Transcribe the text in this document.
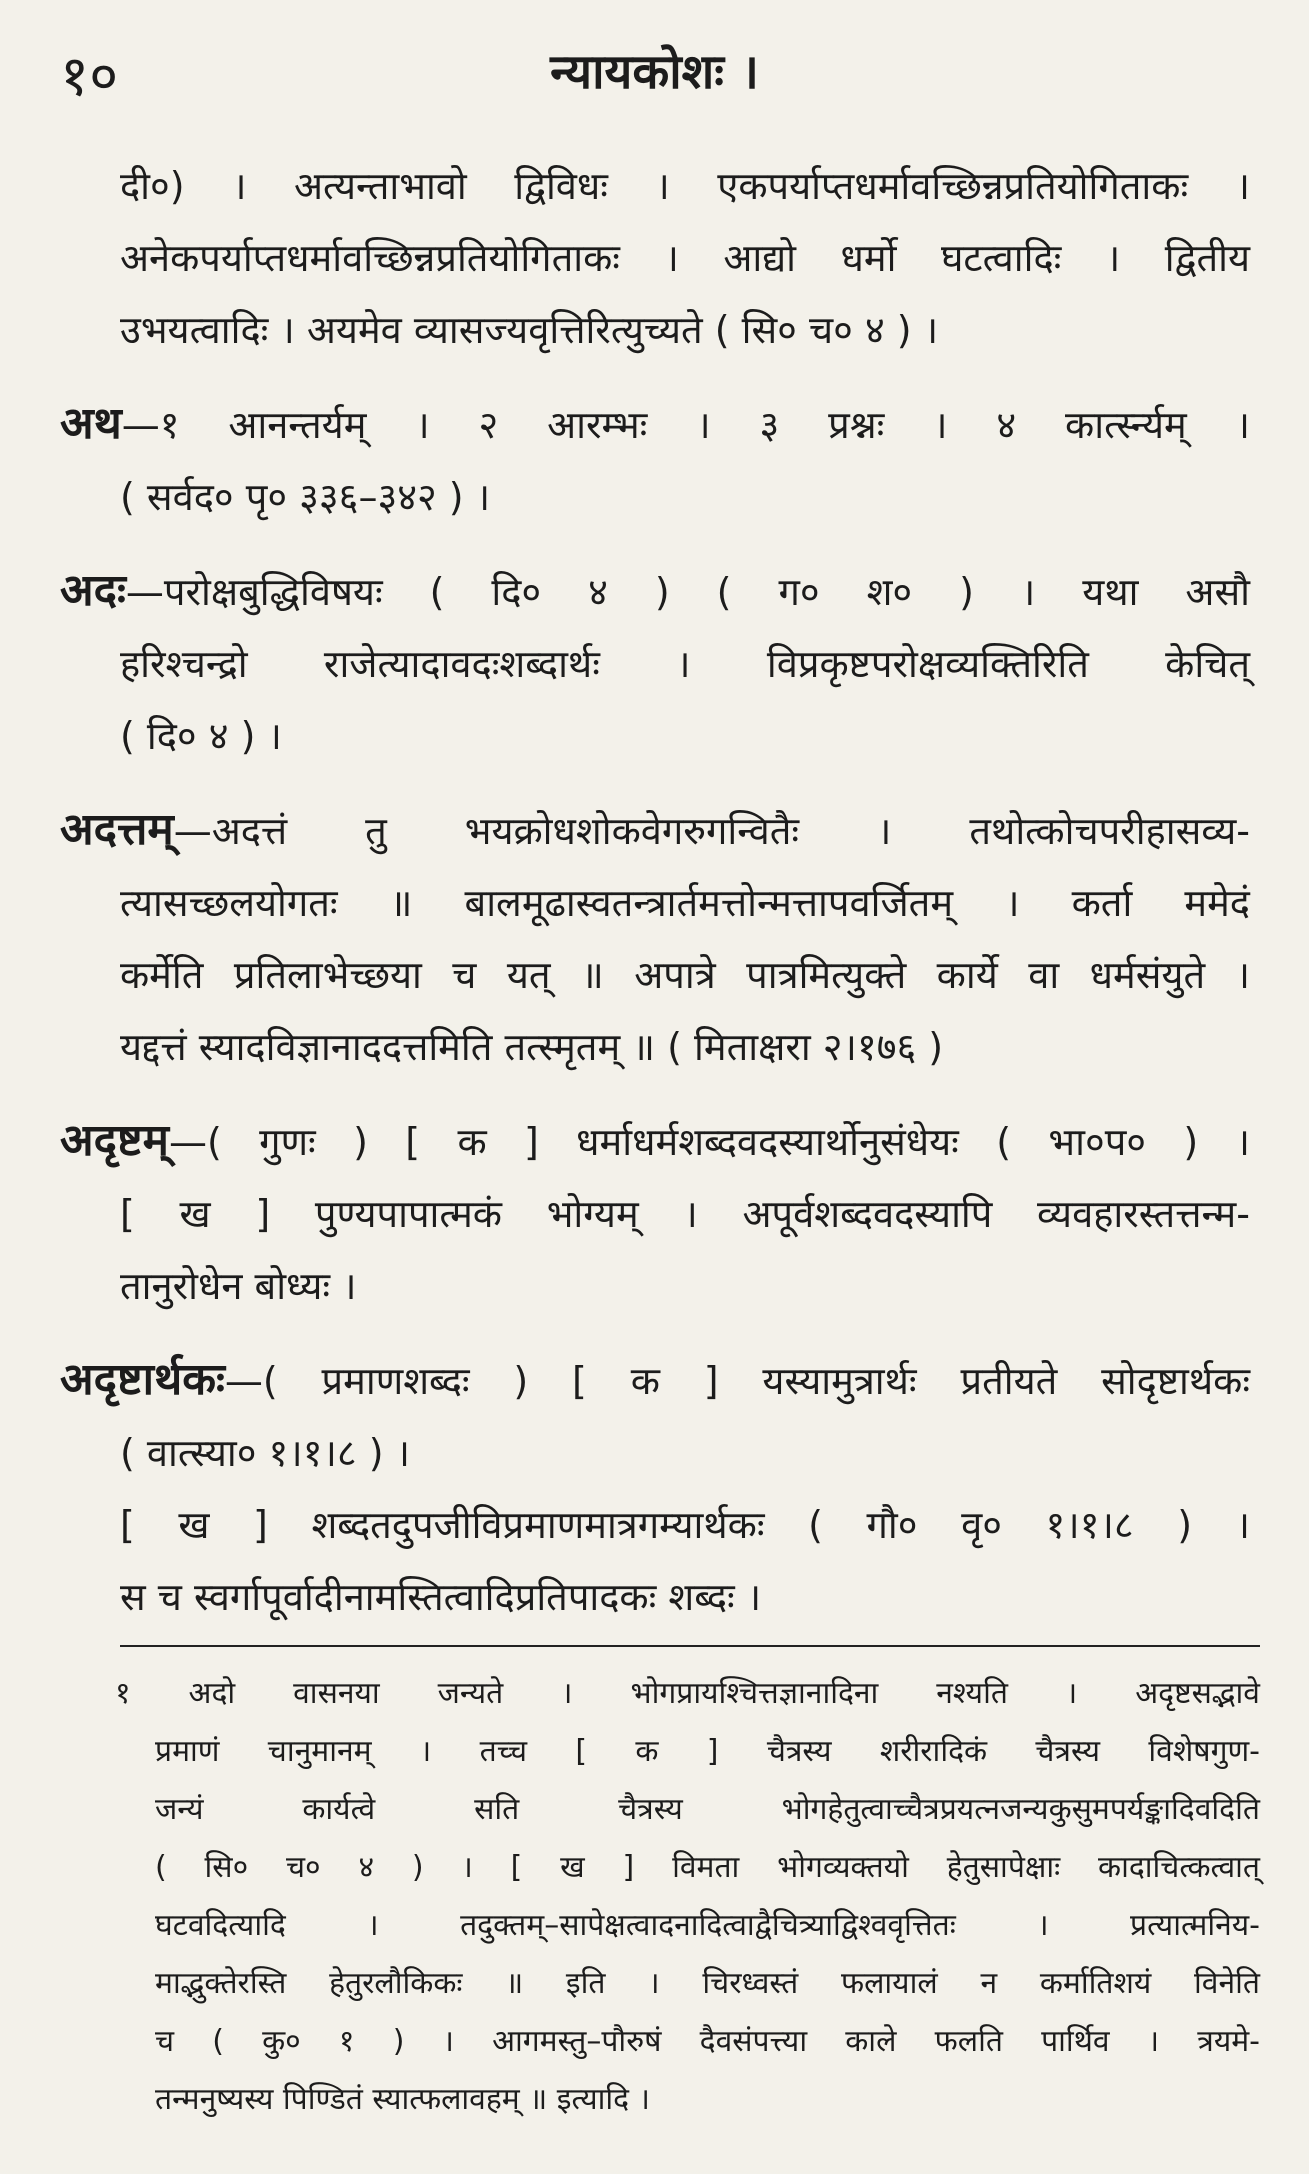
१०	न्यायकोशः ।
दी०) । अत्यन्ताभावो द्विविधः । एकपर्याप्तधर्मावच्छिन्नप्रतियोगिताकः ।
अनेकपर्याप्तधर्मावच्छिन्नप्रतियोगिताकः । आद्यो धर्मो घटत्वादिः । द्वितीय
उभयत्वादिः । अयमेव व्यासज्यवृत्तिरित्युच्यते ( सि० च० ४ ) ।
अथ—१ आनन्तर्यम् । २ आरम्भः । ३ प्रश्नः । ४ कार्त्स्न्यम् ।
( सर्वद० पृ० ३३६–३४२ ) ।
अदः—परोक्षबुद्धिविषयः ( दि० ४ ) ( ग० श० ) । यथा असौ
हरिश्चन्द्रो राजेत्यादावदःशब्दार्थः । विप्रकृष्टपरोक्षव्यक्तिरिति केचित्
( दि० ४ ) ।
अदत्तम्—अदत्तं तु भयक्रोधशोकवेगरुगन्वितैः । तथोत्कोचपरीहासव्य-
त्यासच्छलयोगतः ॥ बालमूढास्वतन्त्रार्तमत्तोन्मत्तापवर्जितम् । कर्ता ममेदं
कर्मेति प्रतिलाभेच्छया च यत् ॥ अपात्रे पात्रमित्युक्ते कार्ये वा धर्मसंयुते ।
यद्दत्तं स्यादविज्ञानाददत्तमिति तत्स्मृतम् ॥ ( मिताक्षरा २।१७६ )
अदृष्टम्—( गुणः ) [ क ] धर्माधर्मशब्दवदस्यार्थोनुसंधेयः ( भा०प० ) ।
[ ख ] पुण्यपापात्मकं भोग्यम् । अपूर्वशब्दवदस्यापि व्यवहारस्तत्तन्म-
तानुरोधेन बोध्यः ।
अदृष्टार्थकः—( प्रमाणशब्दः ) [ क ] यस्यामुत्रार्थः प्रतीयते सोदृष्टार्थकः
( वात्स्या० १।१।८ ) ।
[ ख ] शब्दतदुपजीविप्रमाणमात्रगम्यार्थकः ( गौ० वृ० १।१।८ ) ।
स च स्वर्गापूर्वादीनामस्तित्वादिप्रतिपादकः शब्दः ।
१ अदो वासनया जन्यते । भोगप्रायश्चित्तज्ञानादिना नश्यति । अदृष्टसद्भावे
प्रमाणं चानुमानम् । तच्च [ क ] चैत्रस्य शरीरादिकं चैत्रस्य विशेषगुण-
जन्यं कार्यत्वे सति चैत्रस्य भोगहेतुत्वाच्चैत्रप्रयत्नजन्यकुसुमपर्यङ्कादिवदिति
( सि० च० ४ ) । [ ख ] विमता भोगव्यक्तयो हेतुसापेक्षाः कादाचित्कत्वात्
घटवदित्यादि । तदुक्तम्–सापेक्षत्वादनादित्वाद्वैचित्र्याद्विश्ववृत्तितः । प्रत्यात्मनिय-
माद्भुक्तेरस्ति हेतुरलौकिकः ॥ इति । चिरध्वस्तं फलायालं न कर्मातिशयं विनेति
च ( कु० १ ) । आगमस्तु–पौरुषं दैवसंपत्त्या काले फलति पार्थिव । त्रयमे-
तन्मनुष्यस्य पिण्डितं स्यात्फलावहम् ॥ इत्यादि ।
